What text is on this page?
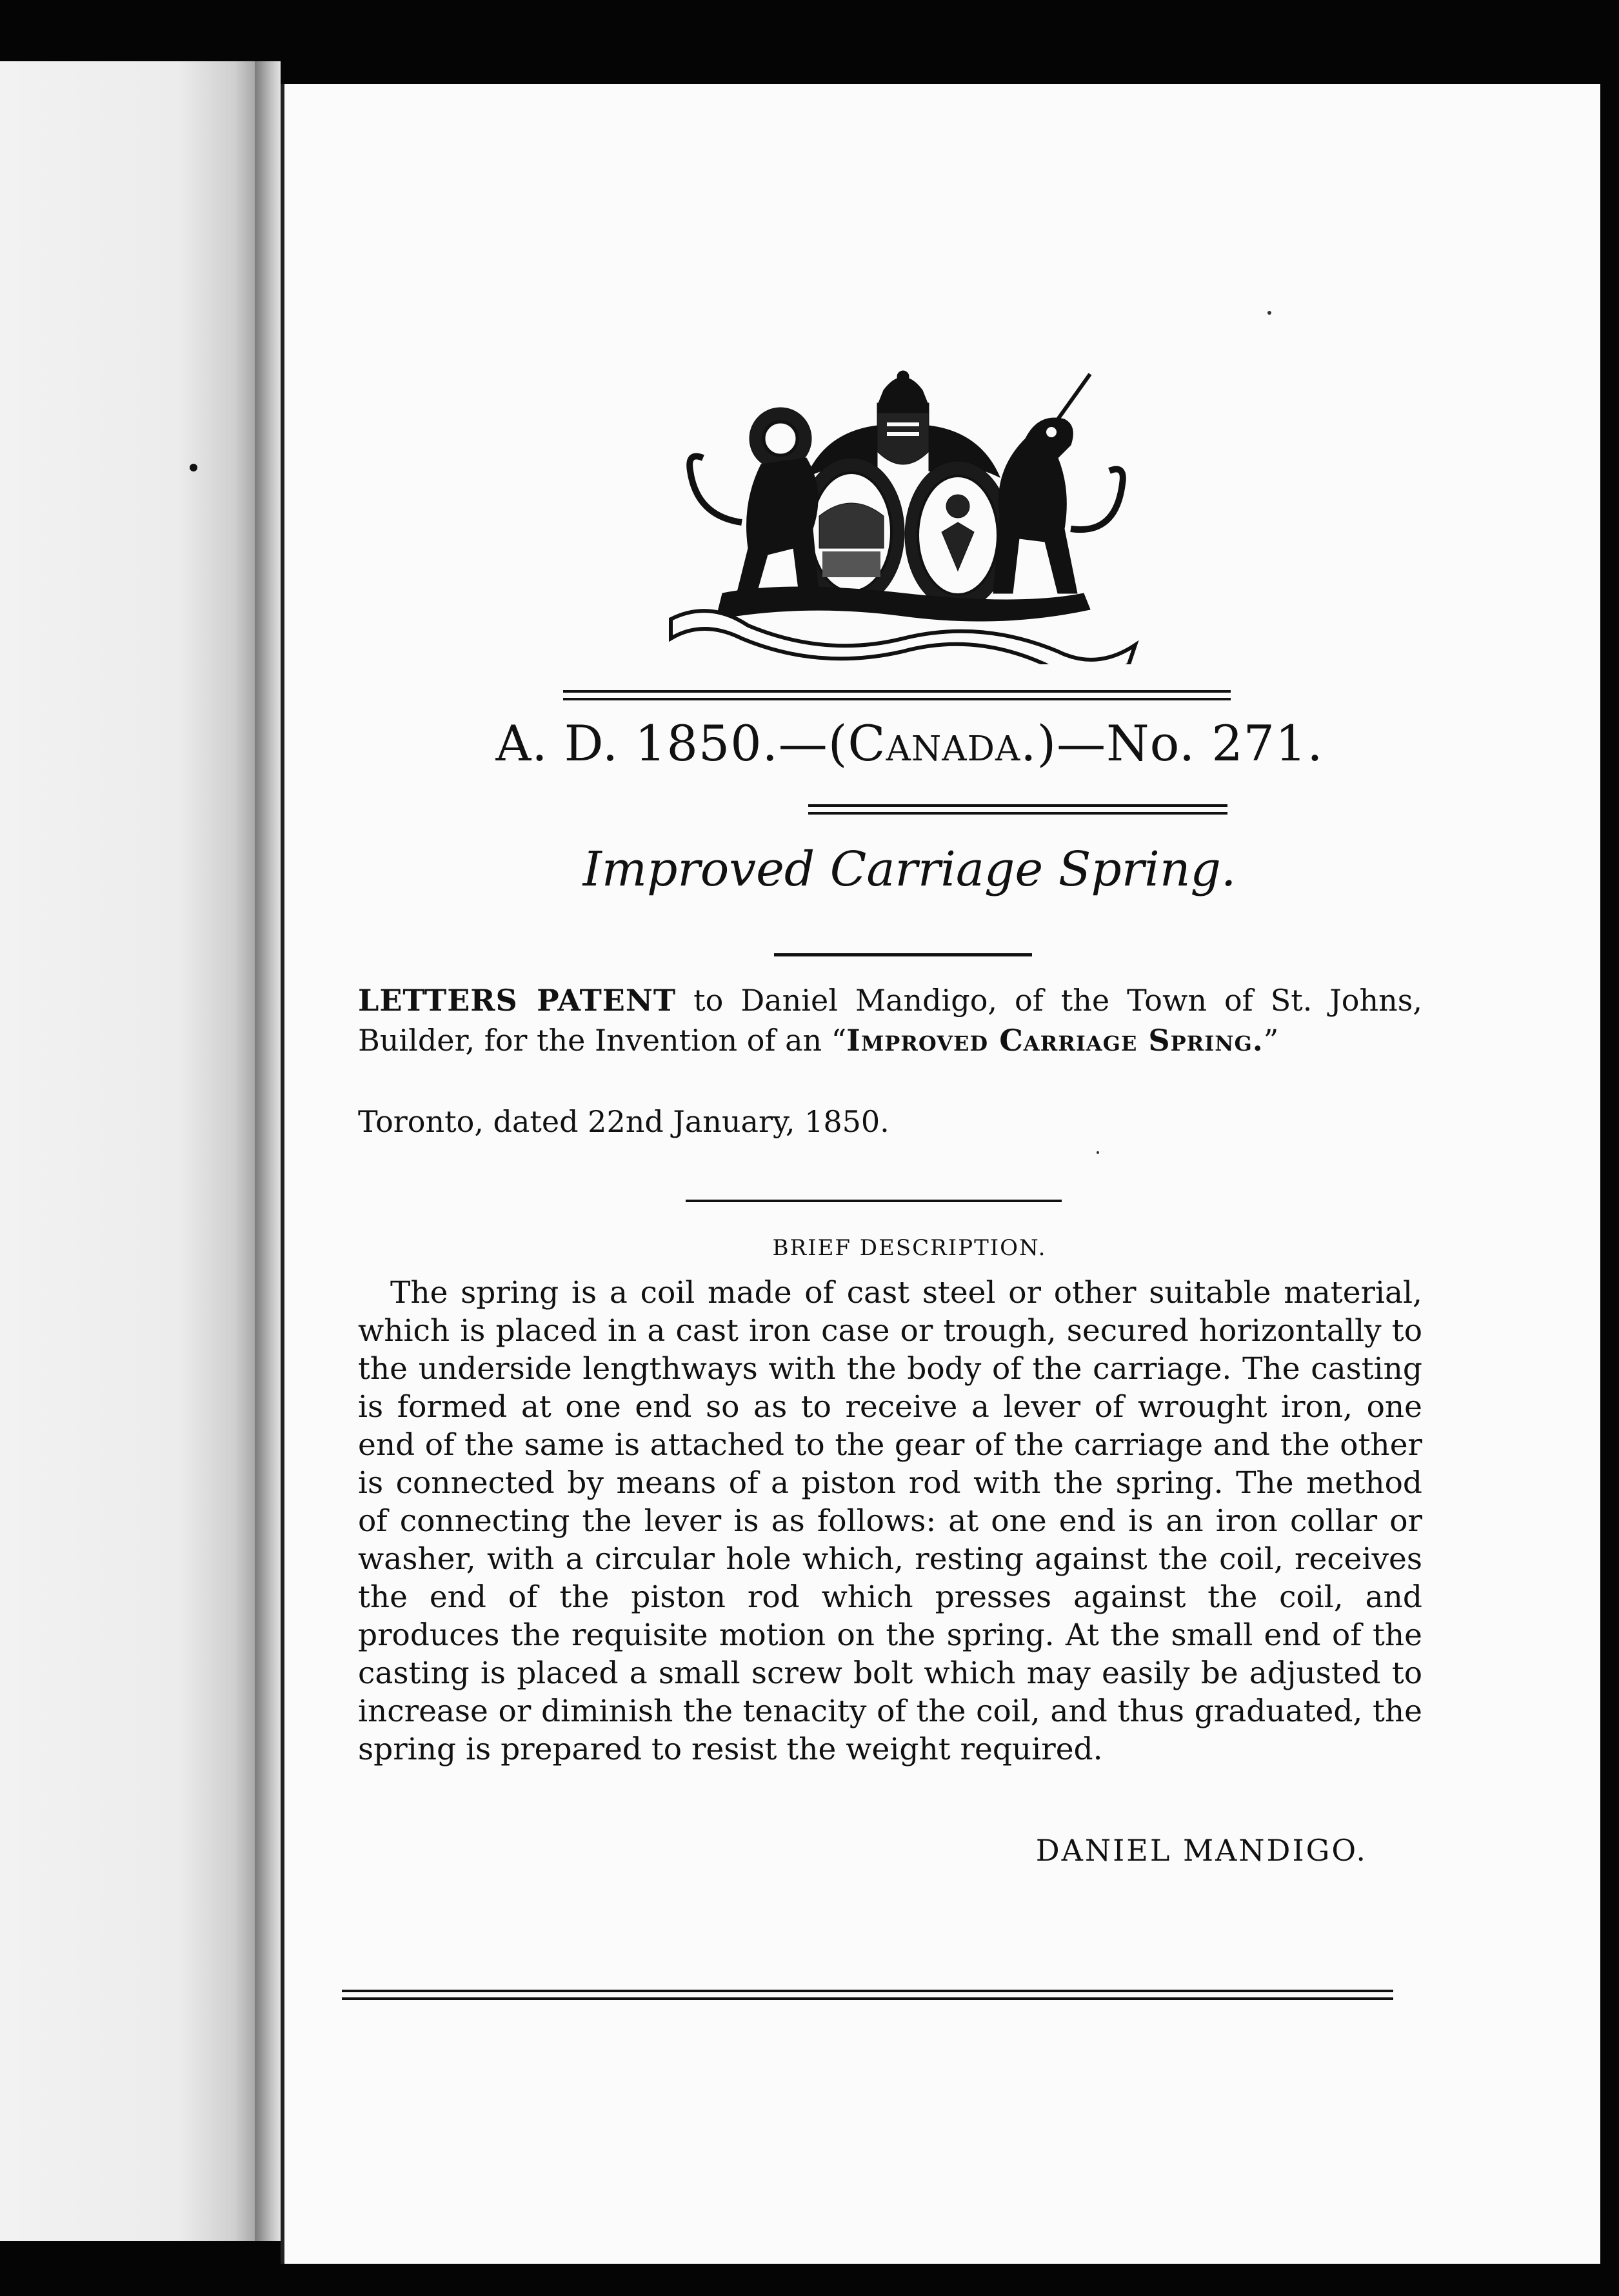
A. D. 1850.—(Canada.)—No. 271.
Improved Carriage Spring.
LETTERS PATENT to Daniel Mandigo, of the Town of St. Johns, Builder, for the Invention of an “Improved Carriage Spring.”
Toronto, dated 22nd January, 1850.
BRIEF DESCRIPTION.
The spring is a coil made of cast steel or other suitable material, which is placed in a cast iron case or trough, secured horizontally to the underside lengthways with the body of the carriage. The casting is formed at one end so as to receive a lever of wrought iron, one end of the same is attached to the gear of the carriage and the other is connected by means of a piston rod with the spring. The method of connecting the lever is as follows: at one end is an iron collar or washer, with a circular hole which, resting against the coil, receives the end of the piston rod which presses against the coil, and produces the requisite motion on the spring. At the small end of the casting is placed a small screw bolt which may easily be adjusted to increase or diminish the tenacity of the coil, and thus graduated, the spring is prepared to resist the weight required.
DANIEL MANDIGO.
